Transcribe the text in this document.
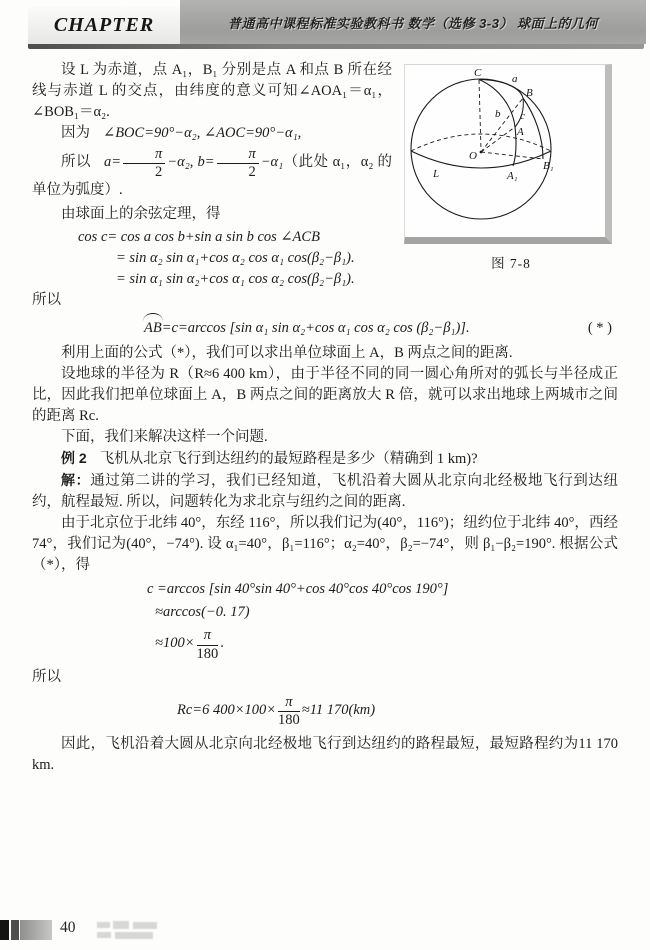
CHAPTER	普通高中课程标准实验教科书 数学（选修 3-3） 球面上的几何
C	a
B
b c
A
O
L	A₁
B₁
图 7-8

设 L 为赤道，点 A₁，B₁ 分别是点 A 和点 B 所在经线与赤道 L 的交点，由纬度的意义可知∠AOA₁＝α₁，∠BOB₁＝α₂.

因为 ∠BOC=90°−α₂, ∠AOC=90°−α₁,

所以 $a= \frac{\pi}{2} -\alpha_2$, $b= \frac{\pi}{2} -\alpha_1$（此处 α₁，α₂ 的单位为弧度）.

由球面上的余弦定理，得

cos c= cos a cos b+sin a sin b cos ∠ACB

= sin α₂ sin α₁+cos α₂ cos α₁ cos(β₂−β₁).

= sin α₁ sin α₂+cos α₁ cos α₂ cos(β₂−β₁).

所以

AB=c=arccos [sin α₁ sin α₂+cos α₁ cos α₂ cos (β₂−β₁)].	( * )

利用上面的公式（*），我们可以求出单位球面上 A，B 两点之间的距离.

设地球的半径为 R（R≈6 400 km），由于半径不同的同一圆心角所对的弧长与半径成正比，因此我们把单位球面上 A，B 两点之间的距离放大 R 倍，就可以求出地球上两城市之间的距离 Rc.

下面，我们来解决这样一个问题.

例 2 飞机从北京飞行到达纽约的最短路程是多少（精确到 1 km)?

解：通过第二讲的学习，我们已经知道，飞机沿着大圆从北京向北经极地飞行到达纽约，航程最短. 所以，问题转化为求北京与纽约之间的距离.

由于北京位于北纬 40°，东经 116°，所以我们记为(40°，116°)；纽约位于北纬 40°，西经 74°，我们记为(40°，−74°). 设 α₁=40°，β₁=116°；α₂=40°，β₂=−74°，则 β₁−β₂=190°. 根据公式（*），得

c =arccos [sin 40°sin 40°+cos 40°cos 40°cos 190°]

≈arccos(−0. 17)

$\approx 100\times \frac{\pi}{180}$ .

所以

Rc=6 $400\times 100\times \frac{\pi}{180} \approx 11$ 170(km)

因此，飞机沿着大圆从北京向北经极地飞行到达纽约的路程最短，最短路程约为11 170 km.

40
